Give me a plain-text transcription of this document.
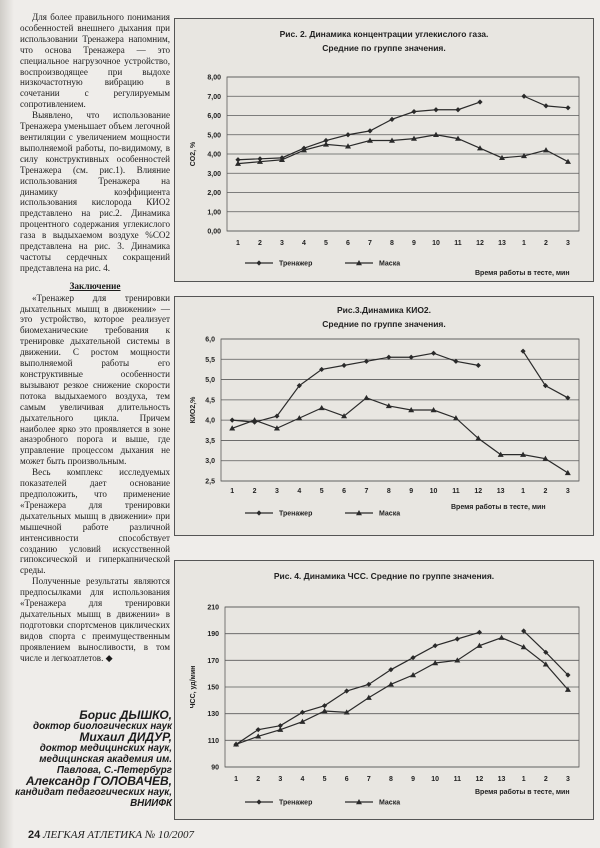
Для более правильного понимания особенностей внешнего дыхания при использовании Тренажера напомним, что основа Тренажера — это специальное нагрузочное устройство, воспроизводящее при выдохе низкочастотную вибрацию в сочетании с регулируемым сопротивлением.

Выявлено, что использование Тренажера уменьшает объем легочной вентиляции с увеличением мощности выполняемой работы, по-видимому, в силу конструктивных особенностей Тренажера (см. рис.1). Влияние использования Тренажера на динамику коэффициента использования кислорода КИО2 представлено на рис.2. Динамика процентного содержания углекислого газа в выдыхаемом воздухе %CO2 представлена на рис. 3. Динамика частоты сердечных сокращений представлена на рис. 4.

Заключение

«Тренажер для тренировки дыхательных мышц в движении» — это устройство, которое реализует биомеханические требования к тренировке дыхательной системы в движении. С ростом мощности выполняемой работы его конструктивные особенности вызывают резкое снижение скорости потока выдыхаемого воздуха, тем самым увеличивая длительность дыхательного цикла. Причем наиболее ярко это проявляется в зоне анаэробного порога и выше, где управление процессом дыхания не может быть произвольным.

Весь комплекс исследуемых показателей дает основание предположить, что применение «Тренажера для тренировки дыхательных мышц в движении» при мышечной работе различной интенсивности способствует созданию условий искусственной гипоксической и гиперкапнической среды.

Полученные результаты являются предпосылками для использования «Тренажера для тренировки дыхательных мышц в движении» в подготовки спортсменов циклических видов спорта с преимущественным проявлением выносливости, в том числе и легкоатлетов. ◆

Борис ДЫШКО,
доктор биологических наук
Михаил ДИДУР,
доктор медицинских наук, медицинская академия им. Павлова, С.-Петербург
Александр ГОЛОВАЧЕВ,
кандидат педагогических наук, ВНИИФК
24 ЛЕГКАЯ АТЛЕТИКА № 10/2007
Рис. 2. Динамика концентрации углекислого газа.
Средние по группе значения.
0,00
1,00
2,00
3,00
4,00
5,00
6,00
7,00
8,00
1	2	3	4	5	6	7	8	9 10 11 12 13 1	2	3
CO2, %
Время работы в тесте, мин
Тренажер	Маска
Рис.3.Динамика КИО2.
Средние по группе значения.
2,5
3,0
3,5
4,0
4,5
5,0
5,5
6,0
1	2	3	4	5	6	7	8	9 10 11 12 13 1	2	3
КИО2,%
Время работы в тесте, мин
Тренажер	Маска
Рис. 4. Динамика ЧСС. Средние по группе значения.
90
110
130
150
170
190
210
1	2	3	4	5	6	7	8	9 10 11 12 13 1	2	3
ЧСС, уд/мин
Время работы в тесте, мин
Тренажер	Маска
